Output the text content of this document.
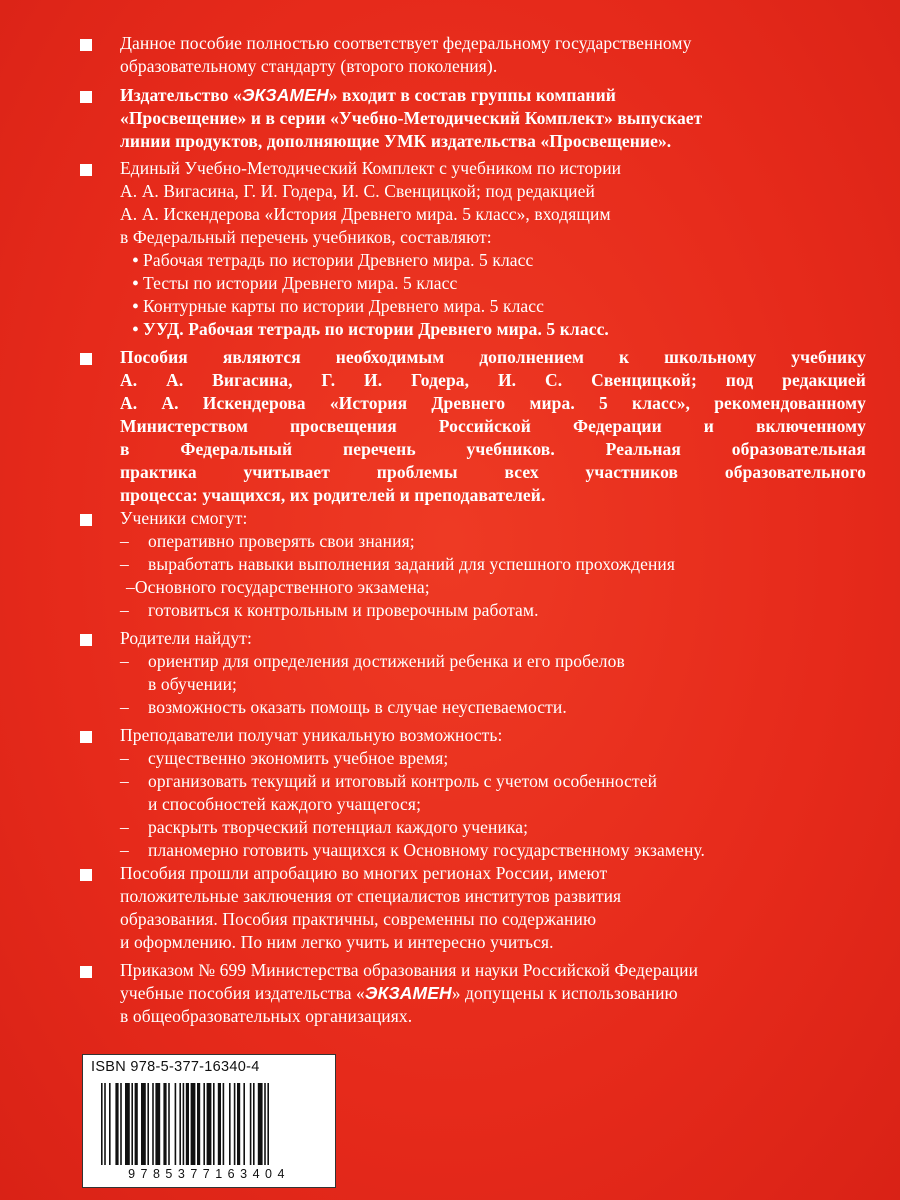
Данное пособие полностью соответствует федеральному государственному
образовательному стандарту (второго поколения).
Издательство «ЭКЗАМЕН» входит в состав группы компаний
«Просвещение» и в серии «Учебно-Методический Комплект» выпускает
линии продуктов, дополняющие УМК издательства «Просвещение».
Единый Учебно-Методический Комплект с учебником по истории
А. А. Вигасина, Г. И. Годера, И. С. Свенцицкой; под редакцией
А. А. Искендерова «История Древнего мира. 5 класс», входящим
в Федеральный перечень учебников, составляют:
• Рабочая тетрадь по истории Древнего мира. 5 класс
• Тесты по истории Древнего мира. 5 класс
• Контурные карты по истории Древнего мира. 5 класс
• УУД. Рабочая тетрадь по истории Древнего мира. 5 класс.
Пособия являются необходимым дополнением к школьному учебнику
А. А. Вигасина, Г. И. Годера, И. С. Свенцицкой; под редакцией
А. А. Искендерова «История Древнего мира. 5 класс», рекомендованному
Министерством просвещения Российской Федерации и включенному
в Федеральный перечень учебников. Реальная образовательная
практика учитывает проблемы всех участников образовательного
процесса: учащихся, их родителей и преподавателей.
Ученики смогут:
– оперативно проверять свои знания;
– выработать навыки выполнения заданий для успешного прохождения
–Основного государственного экзамена;
– готовиться к контрольным и проверочным работам.
Родители найдут:
– ориентир для определения достижений ребенка и его пробелов
в обучении;
– возможность оказать помощь в случае неуспеваемости.
Преподаватели получат уникальную возможность:
– существенно экономить учебное время;
– организовать текущий и итоговый контроль с учетом особенностей
и способностей каждого учащегося;
– раскрыть творческий потенциал каждого ученика;
– планомерно готовить учащихся к Основному государственному экзамену.
Пособия прошли апробацию во многих регионах России, имеют
положительные заключения от специалистов институтов развития
образования. Пособия практичны, современны по содержанию
и оформлению. По ним легко учить и интересно учиться.
Приказом № 699 Министерства образования и науки Российской Федерации
учебные пособия издательства «ЭКЗАМЕН» допущены к использованию
в общеобразовательных организациях.
ISBN 978-5-377-16340-4
9785377163404
